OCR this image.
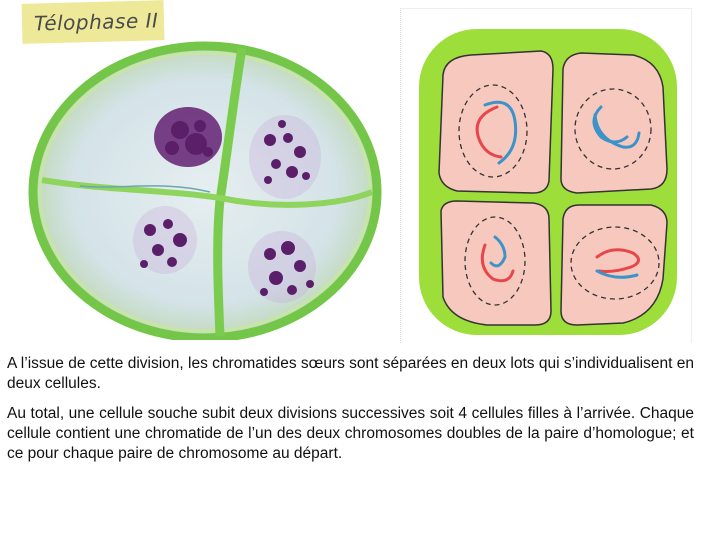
Télophase II

A l’issue de cette division, les chromatides sœurs sont séparées en deux lots qui s’individualisent en deux cellules.

Au total, une cellule souche subit deux divisions successives soit 4 cellules filles à l’arrivée. Chaque cellule contient une chromatide de l’un des deux chromosomes doubles de la paire d’homologue; et ce pour chaque paire de chromosome au départ.
